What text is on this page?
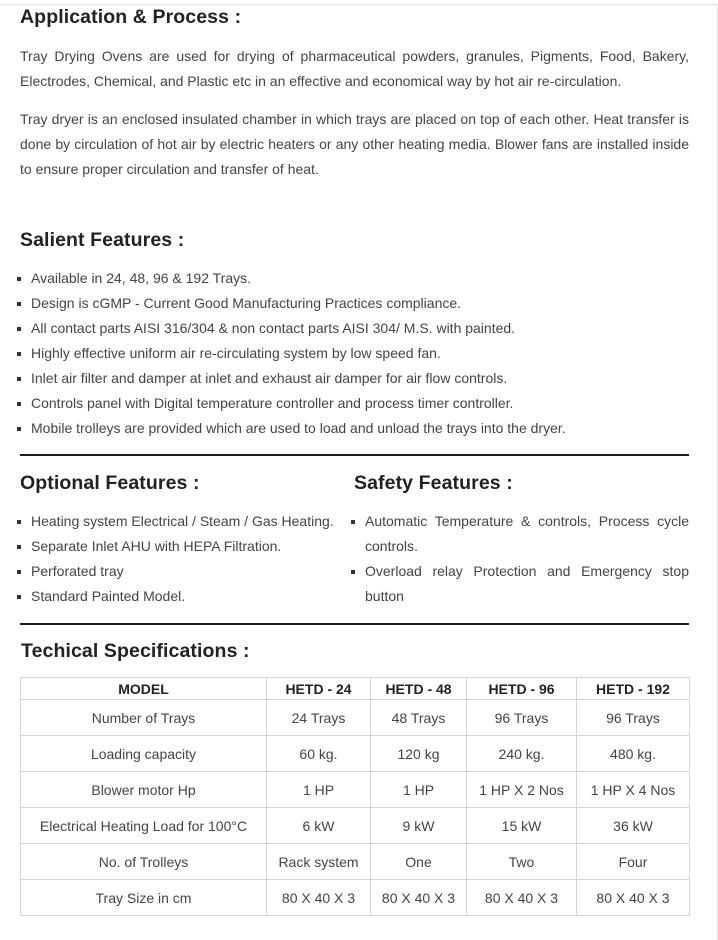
Application & Process :

Tray Drying Ovens are used for drying of pharmaceutical powders, granules, Pigments, Food, Bakery, Electrodes, Chemical, and Plastic etc in an effective and economical way by hot air re-circulation.

Tray dryer is an enclosed insulated chamber in which trays are placed on top of each other. Heat transfer is done by circulation of hot air by electric heaters or any other heating media. Blower fans are installed inside to ensure proper circulation and transfer of heat.

Salient Features :
Available in 24, 48, 96 & 192 Trays.
Design is cGMP - Current Good Manufacturing Practices compliance.
All contact parts AISI 316/304 & non contact parts AISI 304/ M.S. with painted.
Highly effective uniform air re-circulating system by low speed fan.
Inlet air filter and damper at inlet and exhaust air damper for air flow controls.
Controls panel with Digital temperature controller and process timer controller.
Mobile trolleys are provided which are used to load and unload the trays into the dryer.
Optional Features :
Heating system Electrical / Steam / Gas Heating.
Separate Inlet AHU with HEPA Filtration.
Perforated tray
Standard Painted Model.
Safety Features :
Automatic Temperature & controls, Process cycle controls.
Overload relay Protection and Emergency stop button
Techical Specifications :
MODEL	HETD - 24	HETD - 48	HETD - 96	HETD - 192
Number of Trays	24 Trays	48 Trays	96 Trays	96 Trays
Loading capacity	60 kg.	120 kg	240 kg.	480 kg.
Blower motor Hp	1 HP	1 HP	1 HP X 2 Nos	1 HP X 4 Nos
Electrical Heating Load for 100°C	6 kW	9 kW	15 kW	36 kW
No. of Trolleys	Rack system	One	Two	Four
Tray Size in cm	80 X 40 X 3	80 X 40 X 3	80 X 40 X 3	80 X 40 X 3
